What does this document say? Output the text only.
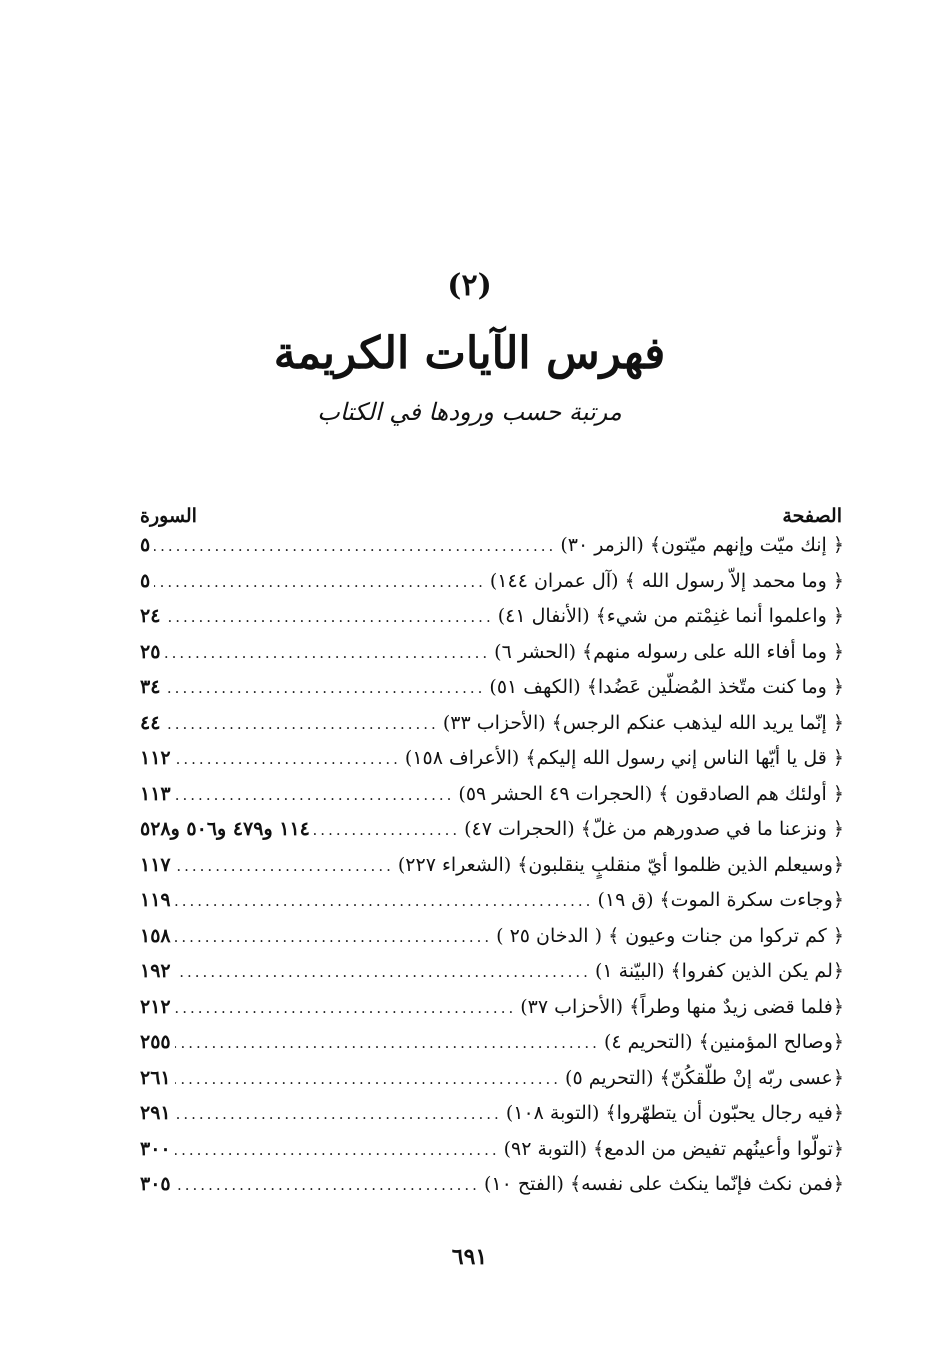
(٢)
فهرس الآيات الكريمة
مرتبة حسب ورودها في الكتاب
الصفحة
السورة
﴿ إنك ميّت وإنهم ميّتون﴾ (الزمر ٣٠)
.....
٥
﴿ وما محمد إلاّ رسول الله ﴾ (آل عمران ١٤٤)
.....
٥
﴿ واعلموا أنما غنِمْتم من شيء﴾ (الأنفال ٤١)
.....
٢٤
﴿ وما أفاء الله على رسوله منهم﴾ (الحشر ٦)
.....
٢٥
﴿ وما كنت متّخذ المُضلّين عَضُدا﴾ (الكهف ٥١)
.....
٣٤
﴿ إنّما يريد الله ليذهب عنكم الرجس﴾ (الأحزاب ٣٣)
.....
٤٤
﴿ قل يا أيّها الناس إني رسول الله إليكم﴾ (الأعراف ١٥٨)
.....
١١٢
﴿ أولئك هم الصادقون ﴾ (الحجرات ٤٩ الحشر ٥٩)
.....
١١٣
﴿ ونزعنا ما في صدورهم من غلّ﴾ (الحجرات ٤٧)
.....
١١٤ و٤٧٩ و٥٠٦ و٥٢٨
﴿وسيعلم الذين ظلموا أيّ منقلبٍ ينقلبون﴾ (الشعراء ٢٢٧)
.....
١١٧
﴿وجاءت سكرة الموت﴾ (ق ١٩)
.....
١١٩
﴿ كم تركوا من جنات وعيون ﴾ ( الدخان ٢٥ )
.....
١٥٨
﴿لم يكن الذين كفروا﴾ (البيّنة ١)
.....
١٩٢
﴿فلما قضى زيدٌ منها وطراً﴾ (الأحزاب ٣٧)
.....
٢١٢
﴿وصالح المؤمنين﴾ (التحريم ٤)
.....
٢٥٥
﴿عسى ربّه إنْ طلّقكُنّ﴾ (التحريم ٥)
.....
٢٦١
﴿فيه رجال يحبّون أن يتطهّروا﴾ (التوبة ١٠٨)
.....
٢٩١
﴿تولّوا وأعينُهم تفيض من الدمع﴾ (التوبة ٩٢)
.....
٣٠٠
﴿فمن نكث فإنّما ينكث على نفسه﴾ (الفتح ١٠)
.....
٣٠٥
٦٩١
